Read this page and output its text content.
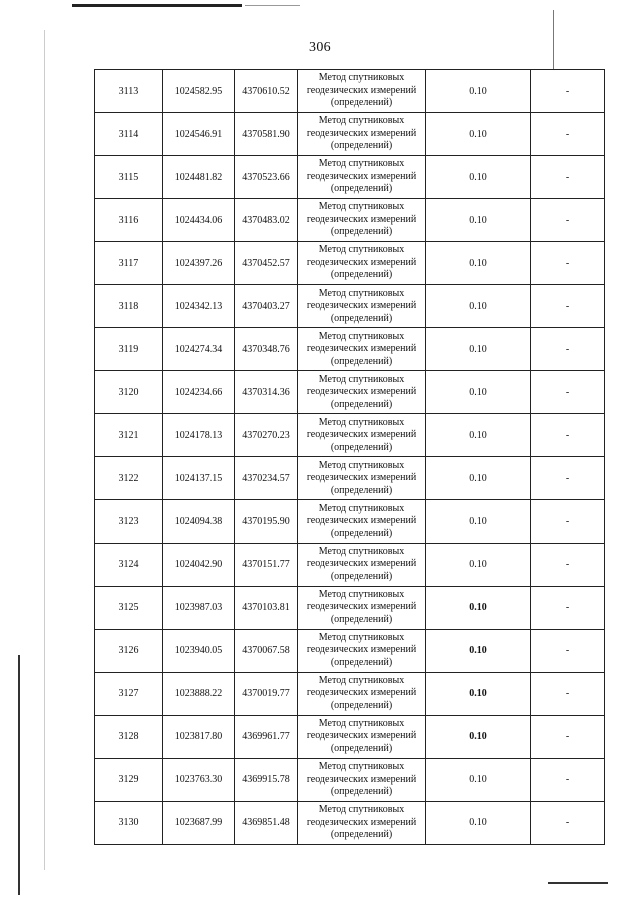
306
3113	1024582.95	4370610.52	Метод спутниковых
геодезических измерений
(определений)	0.10	-
3114	1024546.91	4370581.90	Метод спутниковых
геодезических измерений
(определений)	0.10	-
3115	1024481.82	4370523.66	Метод спутниковых
геодезических измерений
(определений)	0.10	-
3116	1024434.06	4370483.02	Метод спутниковых
геодезических измерений
(определений)	0.10	-
3117	1024397.26	4370452.57	Метод спутниковых
геодезических измерений
(определений)	0.10	-
3118	1024342.13	4370403.27	Метод спутниковых
геодезических измерений
(определений)	0.10	-
3119	1024274.34	4370348.76	Метод спутниковых
геодезических измерений
(определений)	0.10	-
3120	1024234.66	4370314.36	Метод спутниковых
геодезических измерений
(определений)	0.10	-
3121	1024178.13	4370270.23	Метод спутниковых
геодезических измерений
(определений)	0.10	-
3122	1024137.15	4370234.57	Метод спутниковых
геодезических измерений
(определений)	0.10	-
3123	1024094.38	4370195.90	Метод спутниковых
геодезических измерений
(определений)	0.10	-
3124	1024042.90	4370151.77	Метод спутниковых
геодезических измерений
(определений)	0.10	-
3125	1023987.03	4370103.81	Метод спутниковых
геодезических измерений
(определений)	0.10	-
3126	1023940.05	4370067.58	Метод спутниковых
геодезических измерений
(определений)	0.10	-
3127	1023888.22	4370019.77	Метод спутниковых
геодезических измерений
(определений)	0.10	-
3128	1023817.80	4369961.77	Метод спутниковых
геодезических измерений
(определений)	0.10	-
3129	1023763.30	4369915.78	Метод спутниковых
геодезических измерений
(определений)	0.10	-
3130	1023687.99	4369851.48	Метод спутниковых
геодезических измерений
(определений)	0.10	-
